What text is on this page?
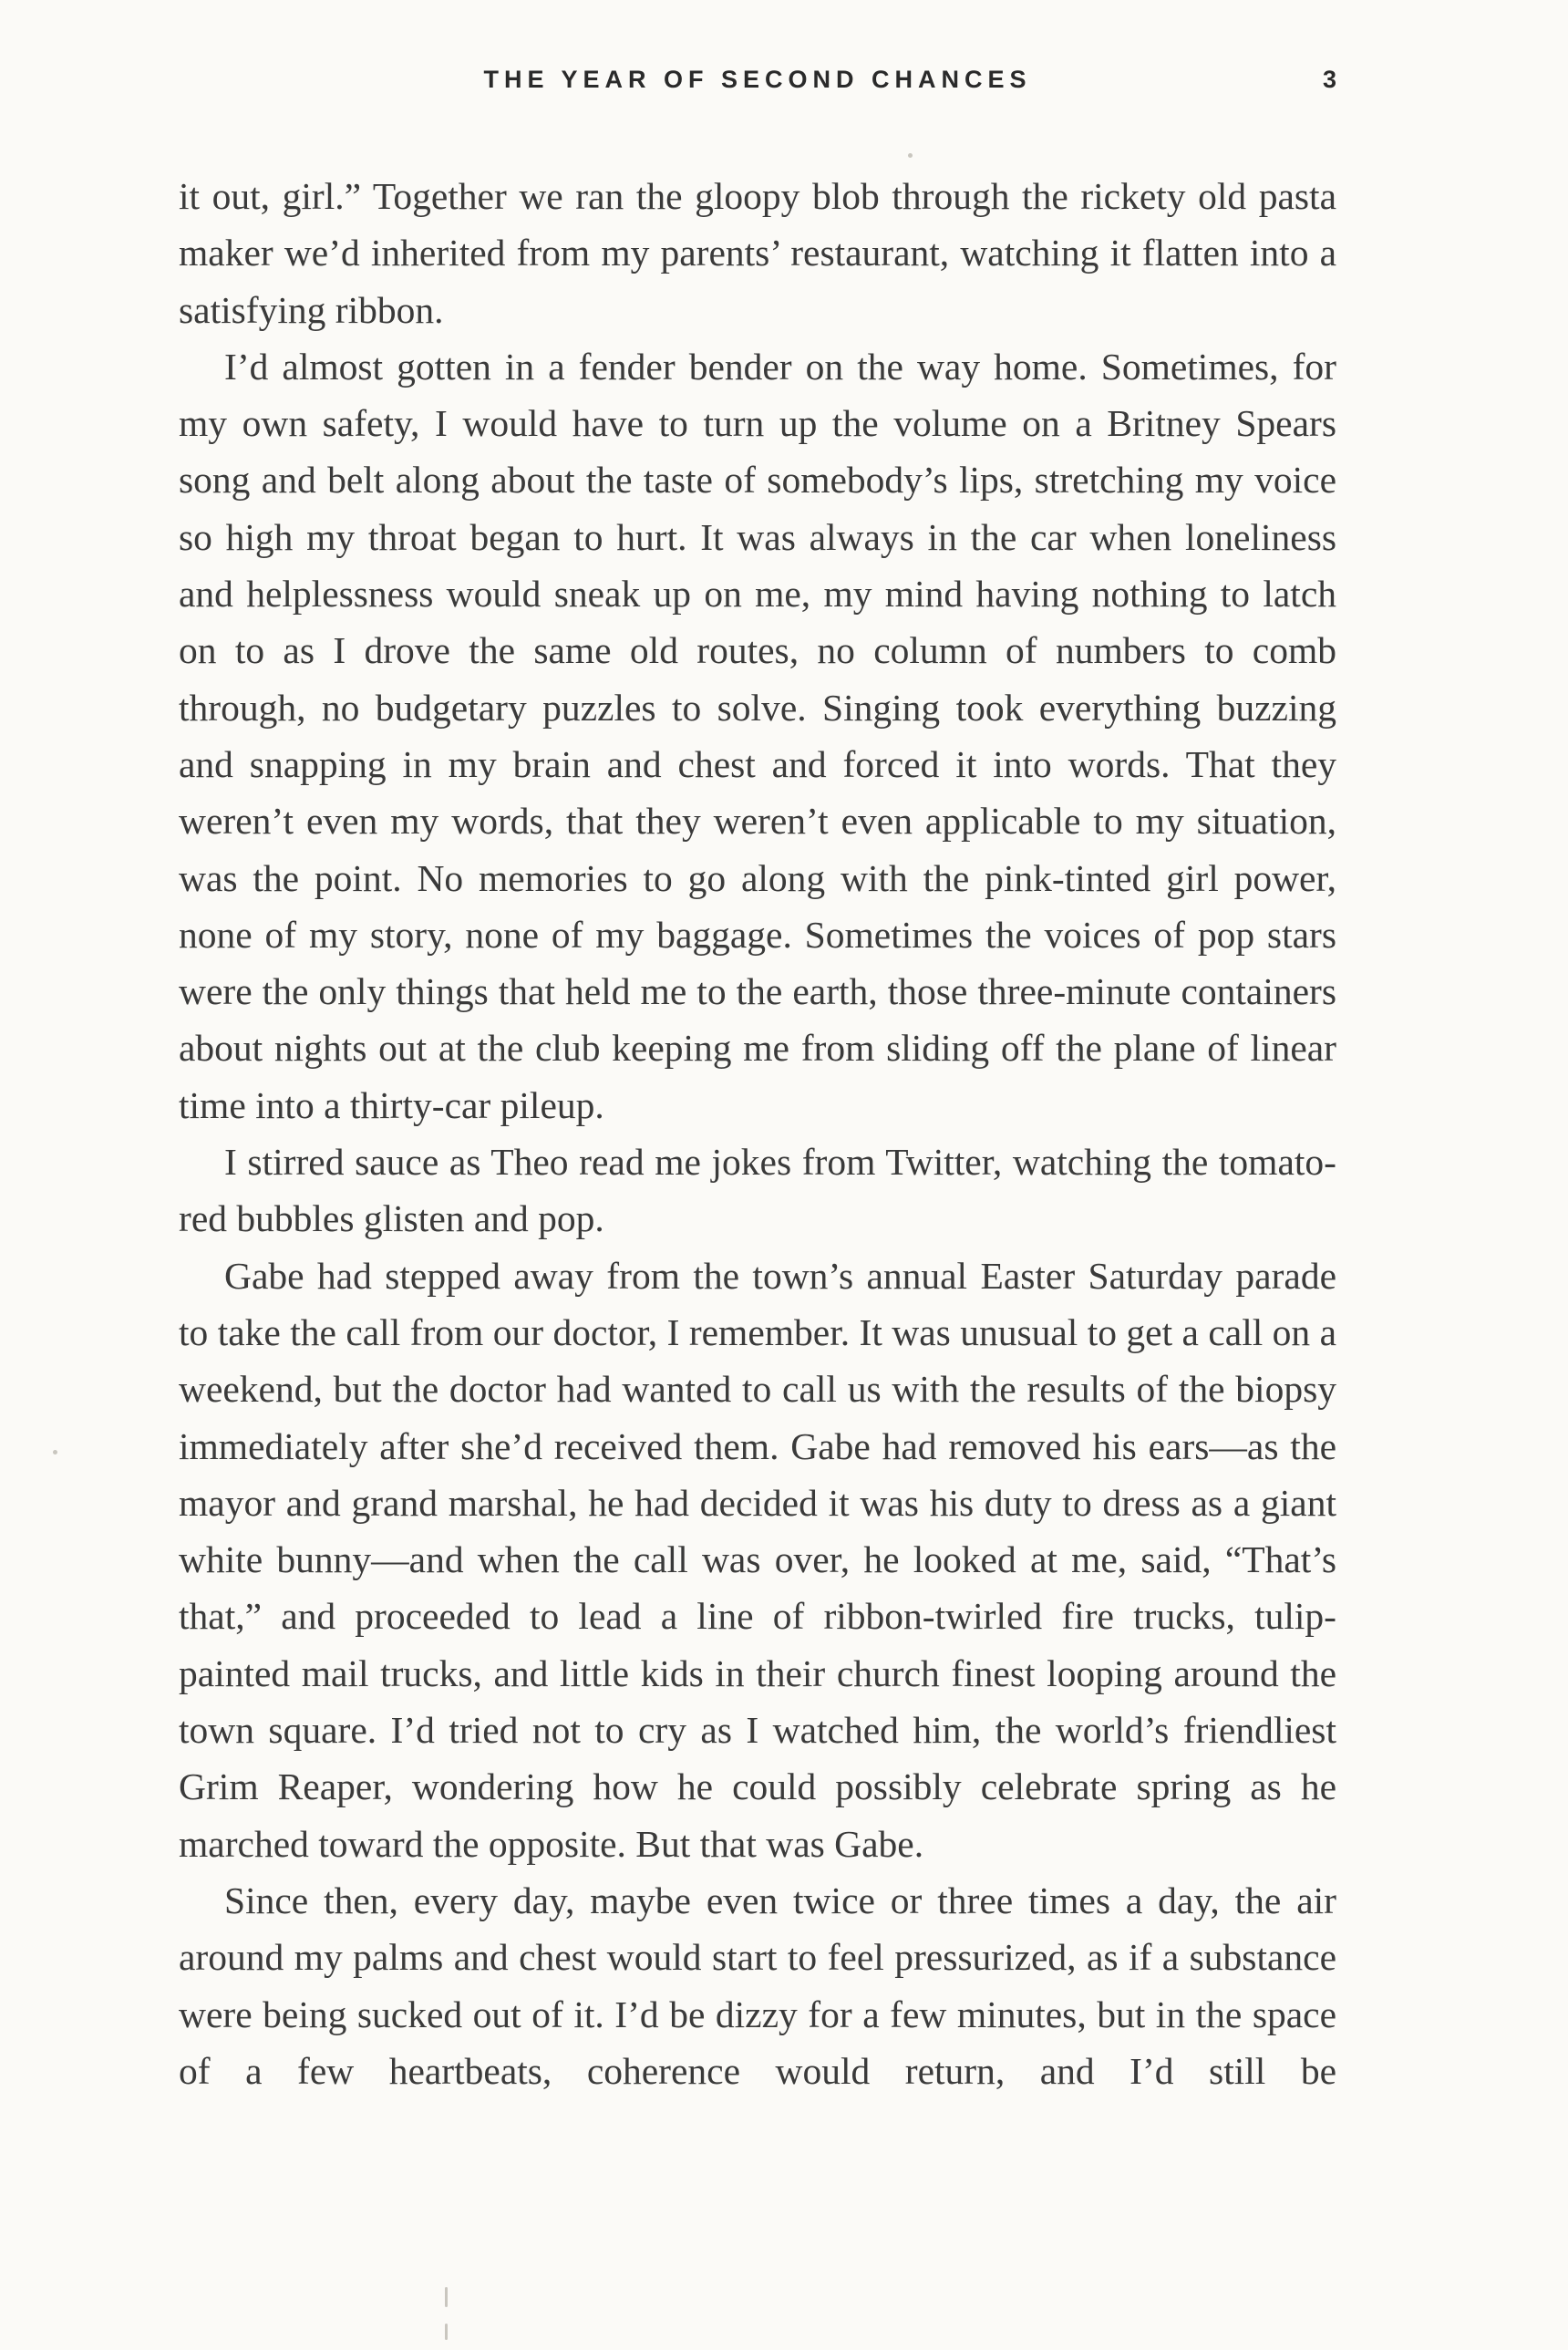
THE YEAR OF SECOND CHANCES	3

it out, girl.” Together we ran the gloopy blob through the rickety old pasta maker we’d inherited from my parents’ restaurant, watching it flatten into a satisfying ribbon.

I’d almost gotten in a fender bender on the way home. Sometimes, for my own safety, I would have to turn up the volume on a Britney Spears song and belt along about the taste of somebody’s lips, stretching my voice so high my throat began to hurt. It was always in the car when loneliness and helplessness would sneak up on me, my mind having nothing to latch on to as I drove the same old routes, no column of numbers to comb through, no budgetary puzzles to solve. Singing took everything buzzing and snapping in my brain and chest and forced it into words. That they weren’t even my words, that they weren’t even applicable to my situation, was the point. No memories to go along with the pink-tinted girl power, none of my story, none of my baggage. Sometimes the voices of pop stars were the only things that held me to the earth, those three-minute containers about nights out at the club keeping me from sliding off the plane of linear time into a thirty-car pileup.

I stirred sauce as Theo read me jokes from Twitter, watching the tomato-red bubbles glisten and pop.

Gabe had stepped away from the town’s annual Easter Saturday parade to take the call from our doctor, I remember. It was unusual to get a call on a weekend, but the doctor had wanted to call us with the results of the biopsy immediately after she’d received them. Gabe had removed his ears—as the mayor and grand marshal, he had decided it was his duty to dress as a giant white bunny—and when the call was over, he looked at me, said, “That’s that,” and proceeded to lead a line of ribbon-twirled fire trucks, tulip-painted mail trucks, and little kids in their church finest looping around the town square. I’d tried not to cry as I watched him, the world’s friendliest Grim Reaper, wondering how he could possibly celebrate spring as he marched toward the opposite. But that was Gabe.

Since then, every day, maybe even twice or three times a day, the air around my palms and chest would start to feel pressurized, as if a substance were being sucked out of it. I’d be dizzy for a few minutes, but in the space of a few heartbeats, coherence would return, and I’d still be
